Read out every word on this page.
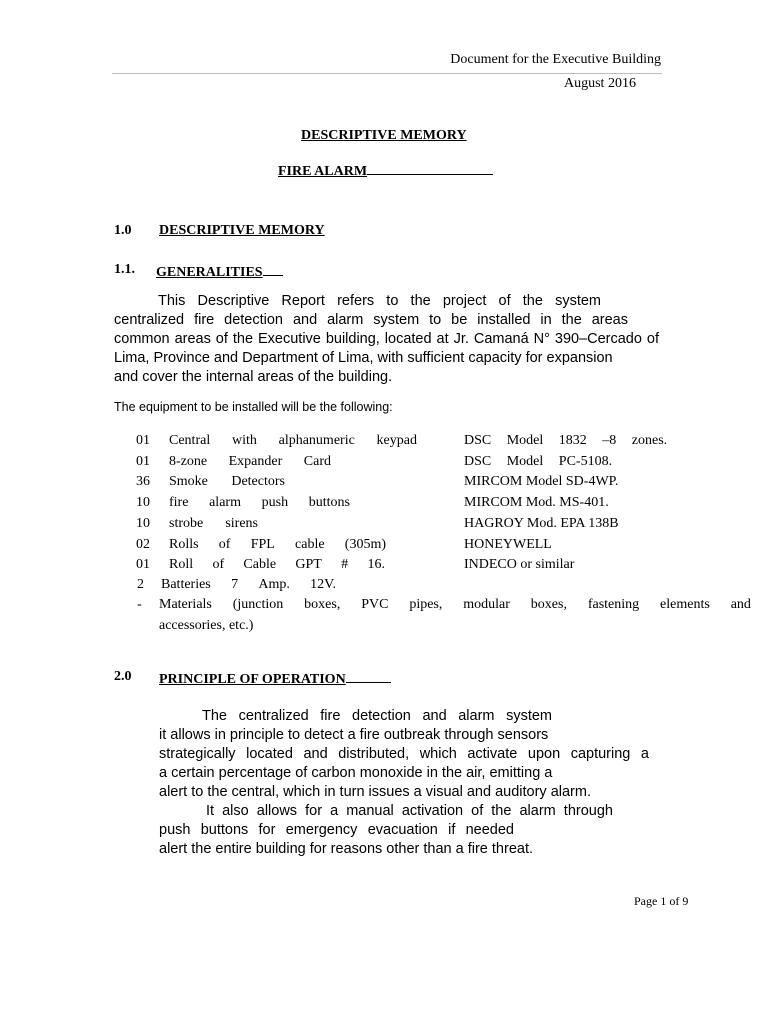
Document for the Executive Building
August 2016
DESCRIPTIVE MEMORY
FIRE ALARM
1.0 DESCRIPTIVE MEMORY
1.1. GENERALITIES
This Descriptive Report refers to the project of the system
centralized fire detection and alarm system to be installed in the areas
common areas of the Executive building, located at Jr. Camaná N° 390–Cercado of
Lima, Province and Department of Lima, with sufficient capacity for expansion
and cover the internal areas of the building.
The equipment to be installed will be the following:
01 Central with alphanumeric keypad	DSC Model 1832 –8 zones.
01 8-zone Expander Card	DSC Model PC-5108.
36 Smoke Detectors	MIRCOM Model SD-4WP.
10 fire alarm push buttons	MIRCOM Mod. MS-401.
10 strobe sirens	HAGROY Mod. EPA 138B
02 Rolls of FPL cable (305m)	HONEYWELL
01 Roll of Cable GPT # 16.	INDECO or similar
2 Batteries 7 Amp. 12V.
- Materials (junction boxes, PVC pipes, modular boxes, fastening elements and
accessories, etc.)
2.0 PRINCIPLE OF OPERATION
The centralized fire detection and alarm system
it allows in principle to detect a fire outbreak through sensors
strategically located and distributed, which activate upon capturing a
a certain percentage of carbon monoxide in the air, emitting a
alert to the central, which in turn issues a visual and auditory alarm.
It also allows for a manual activation of the alarm through
push buttons for emergency evacuation if needed
alert the entire building for reasons other than a fire threat.
Page 1 of 9
